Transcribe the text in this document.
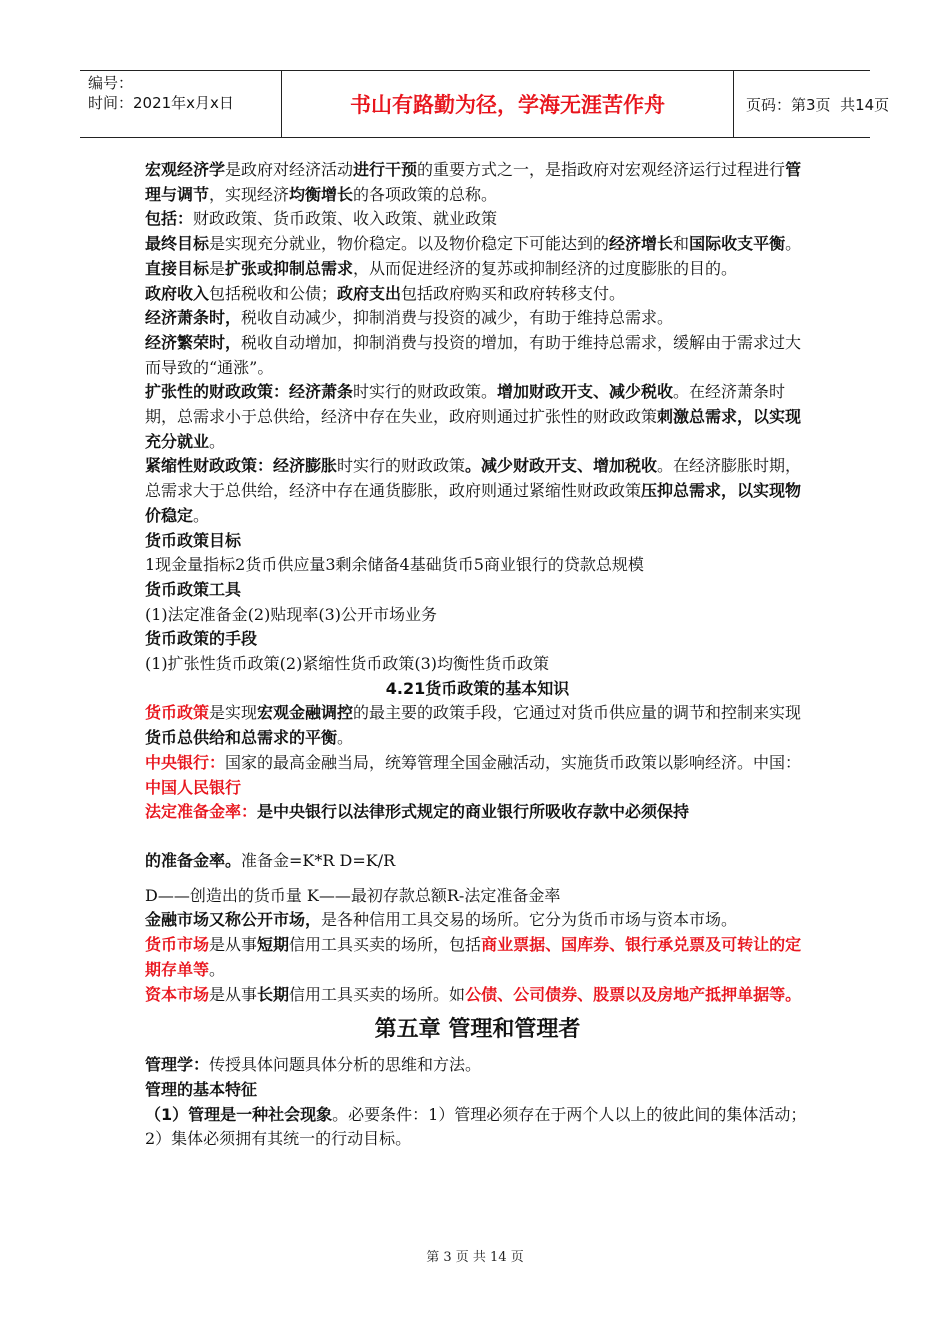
编号：
时间：2021年x月x日	书山有路勤为径，学海无涯苦作舟	页码：第3页  共14页

宏观经济学是政府对经济活动进行干预的重要方式之一，是指政府对宏观经济运行过程进行管理与调节，实现经济均衡增长的各项政策的总称。

包括：财政政策、货币政策、收入政策、就业政策

最终目标是实现充分就业，物价稳定。以及物价稳定下可能达到的经济增长和国际收支平衡。直接目标是扩张或抑制总需求，从而促进经济的复苏或抑制经济的过度膨胀的目的。

政府收入包括税收和公债；政府支出包括政府购买和政府转移支付。

经济萧条时，税收自动减少，抑制消费与投资的减少，有助于维持总需求。

经济繁荣时，税收自动增加，抑制消费与投资的增加，有助于维持总需求，缓解由于需求过大而导致的“通涨”。

扩张性的财政政策：经济萧条时实行的财政政策。增加财政开支、减少税收。在经济萧条时期，总需求小于总供给，经济中存在失业，政府则通过扩张性的财政政策刺激总需求，以实现充分就业。

紧缩性财政政策：经济膨胀时实行的财政政策。减少财政开支、增加税收。在经济膨胀时期，总需求大于总供给，经济中存在通货膨胀，政府则通过紧缩性财政政策压抑总需求，以实现物价稳定。

货币政策目标

1现金量指标2货币供应量3剩余储备4基础货币5商业银行的贷款总规模

货币政策工具

(1)法定准备金(2)贴现率(3)公开市场业务

货币政策的手段

(1)扩张性货币政策(2)紧缩性货币政策(3)均衡性货币政策

4.21货币政策的基本知识

货币政策是实现宏观金融调控的最主要的政策手段，它通过对货币供应量的调节和控制来实现货币总供给和总需求的平衡。

中央银行：国家的最高金融当局，统筹管理全国金融活动，实施货币政策以影响经济。中国：中国人民银行

法定准备金率：是中央银行以法律形式规定的商业银行所吸收存款中必须保持

的准备金率。准备金=K*R D=K/R

D——创造出的货币量 K——最初存款总额R-法定准备金率

金融市场又称公开市场，是各种信用工具交易的场所。它分为货币市场与资本市场。

货币市场是从事短期信用工具买卖的场所，包括商业票据、国库券、银行承兑票及可转让的定期存单等。

资本市场是从事长期信用工具买卖的场所。如公债、公司债券、股票以及房地产抵押单据等。

第五章 管理和管理者

管理学：传授具体问题具体分析的思维和方法。

管理的基本特征

（1）管理是一种社会现象。必要条件：1）管理必须存在于两个人以上的彼此间的集体活动；2）集体必须拥有其统一的行动目标。

第 3 页 共 14 页
